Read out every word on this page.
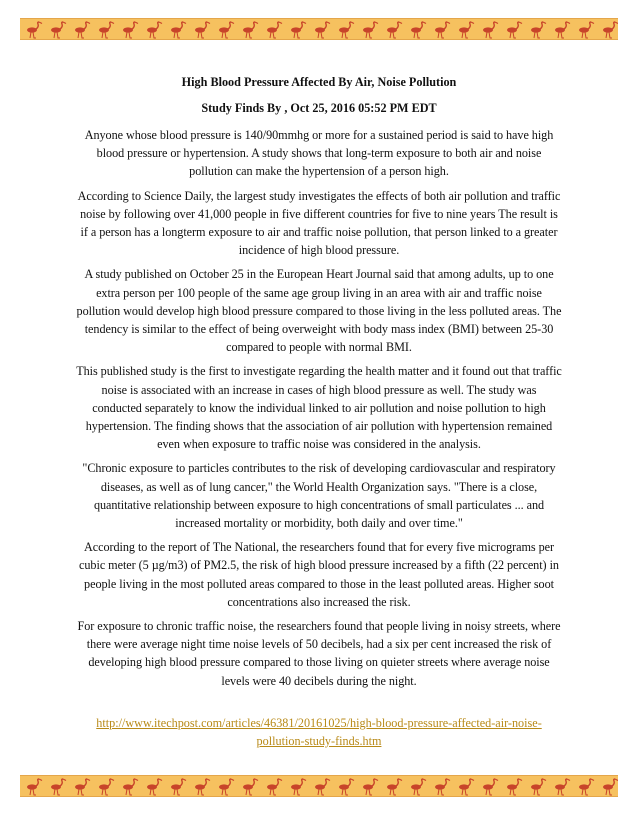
High Blood Pressure Affected By Air, Noise Pollution

Study Finds By , Oct 25, 2016 05:52 PM EDT

Anyone whose blood pressure is 140/90mmhg or more for a sustained period is said to have high blood pressure or hypertension. A study shows that long-term exposure to both air and noise pollution can make the hypertension of a person high.

According to Science Daily, the largest study investigates the effects of both air pollution and traffic noise by following over 41,000 people in five different countries for five to nine years The result is if a person has a longterm exposure to air and traffic noise pollution, that person linked to a greater incidence of high blood pressure.

A study published on October 25 in the European Heart Journal said that among adults, up to one extra person per 100 people of the same age group living in an area with air and traffic noise pollution would develop high blood pressure compared to those living in the less polluted areas. The tendency is similar to the effect of being overweight with body mass index (BMI) between 25-30 compared to people with normal BMI.

This published study is the first to investigate regarding the health matter and it found out that traffic noise is associated with an increase in cases of high blood pressure as well. The study was conducted separately to know the individual linked to air pollution and noise pollution to high hypertension. The finding shows that the association of air pollution with hypertension remained even when exposure to traffic noise was considered in the analysis.

"Chronic exposure to particles contributes to the risk of developing cardiovascular and respiratory diseases, as well as of lung cancer," the World Health Organization says. "There is a close, quantitative relationship between exposure to high concentrations of small particulates ... and increased mortality or morbidity, both daily and over time."

According to the report of The National, the researchers found that for every five micrograms per cubic meter (5 µg/m3) of PM2.5, the risk of high blood pressure increased by a fifth (22 percent) in people living in the most polluted areas compared to those in the least polluted areas. Higher soot concentrations also increased the risk.

For exposure to chronic traffic noise, the researchers found that people living in noisy streets, where there were average night time noise levels of 50 decibels, had a six per cent increased the risk of developing high blood pressure compared to those living on quieter streets where average noise levels were 40 decibels during the night.

http://www.itechpost.com/articles/46381/20161025/high-blood-pressure-affected-air-noise-pollution-study-finds.htm
